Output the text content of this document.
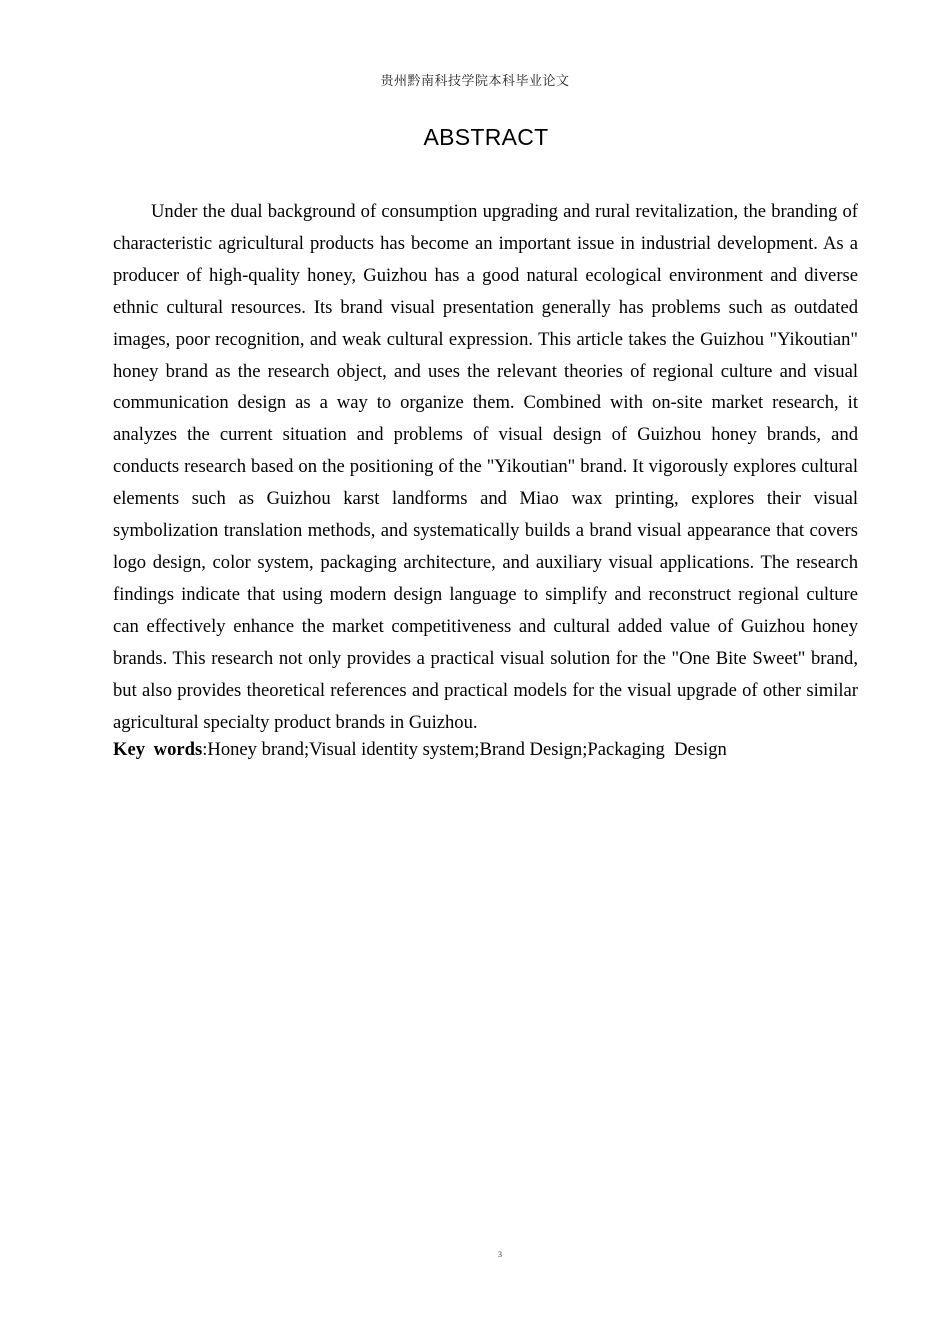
贵州黔南科技学院本科毕业论文
ABSTRACT

Under the dual background of consumption upgrading and rural revitalization, the branding of characteristic agricultural products has become an important issue in industrial development. As a producer of high-quality honey, Guizhou has a good natural ecological environment and diverse ethnic cultural resources. Its brand visual presentation generally has problems such as outdated images, poor recognition, and weak cultural expression. This article takes the Guizhou "Yikoutian" honey brand as the research object, and uses the relevant theories of regional culture and visual communication design as a way to organize them. Combined with on-site market research, it analyzes the current situation and problems of visual design of Guizhou honey brands, and conducts research based on the positioning of the "Yikoutian" brand. It vigorously explores cultural elements such as Guizhou karst landforms and Miao wax printing, explores their visual symbolization translation methods, and systematically builds a brand visual appearance that covers logo design, color system, packaging architecture, and auxiliary visual applications. The research findings indicate that using modern design language to simplify and reconstruct regional culture can effectively enhance the market competitiveness and cultural added value of Guizhou honey brands. This research not only provides a practical visual solution for the "One Bite Sweet" brand, but also provides theoretical references and practical models for the visual upgrade of other similar agricultural specialty product brands in Guizhou.

Key words:Honey brand;Visual identity system;Brand Design;Packaging  Design

3
